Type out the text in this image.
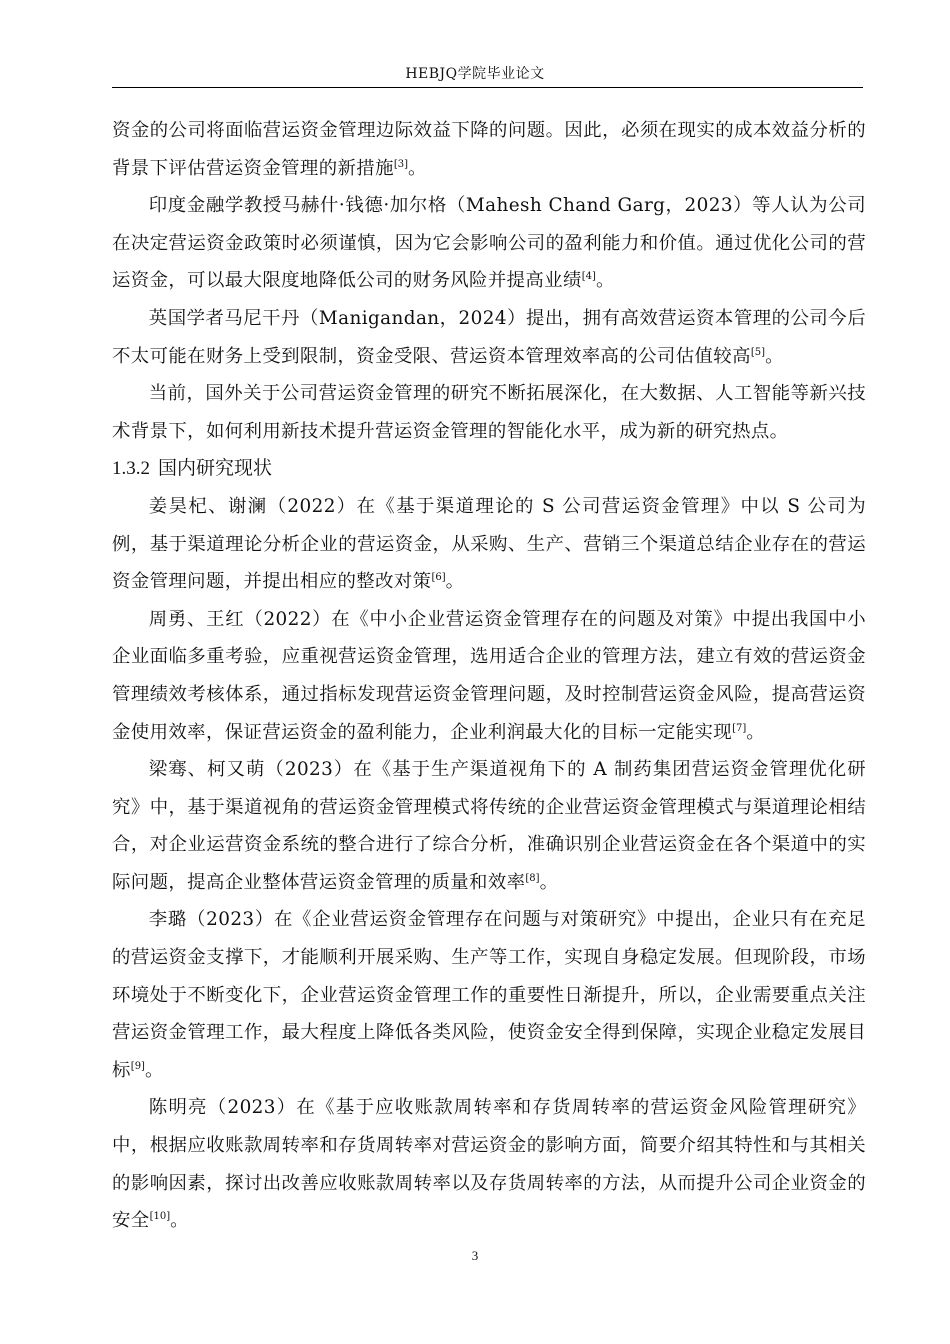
HEBJQ学院毕业论文

资金的公司将面临营运资金管理边际效益下降的问题。因此，必须在现实的成本效益分析的背景下评估营运资金管理的新措施[3]。

印度金融学教授马赫什·钱德·加尔格（Mahesh Chand Garg，2023）等人认为公司在决定营运资金政策时必须谨慎，因为它会影响公司的盈利能力和价值。通过优化公司的营运资金，可以最大限度地降低公司的财务风险并提高业绩[4]。

英国学者马尼干丹（Manigandan，2024）提出，拥有高效营运资本管理的公司今后不太可能在财务上受到限制，资金受限、营运资本管理效率高的公司估值较高[5]。

当前，国外关于公司营运资金管理的研究不断拓展深化，在大数据、人工智能等新兴技术背景下，如何利用新技术提升营运资金管理的智能化水平，成为新的研究热点。

1.3.2 国内研究现状

姜昊杞、谢澜（2022）在《基于渠道理论的 S 公司营运资金管理》中以 S 公司为例，基于渠道理论分析企业的营运资金，从采购、生产、营销三个渠道总结企业存在的营运资金管理问题，并提出相应的整改对策[6]。

周勇、王红（2022）在《中小企业营运资金管理存在的问题及对策》中提出我国中小企业面临多重考验，应重视营运资金管理，选用适合企业的管理方法，建立有效的营运资金管理绩效考核体系，通过指标发现营运资金管理问题，及时控制营运资金风险，提高营运资金使用效率，保证营运资金的盈利能力，企业利润最大化的目标一定能实现[7]。

梁骞、柯又萌（2023）在《基于生产渠道视角下的 A 制药集团营运资金管理优化研究》中，基于渠道视角的营运资金管理模式将传统的企业营运资金管理模式与渠道理论相结合，对企业运营资金系统的整合进行了综合分析，准确识别企业营运资金在各个渠道中的实际问题，提高企业整体营运资金管理的质量和效率[8]。

李璐（2023）在《企业营运资金管理存在问题与对策研究》中提出，企业只有在充足的营运资金支撑下，才能顺利开展采购、生产等工作，实现自身稳定发展。但现阶段，市场环境处于不断变化下，企业营运资金管理工作的重要性日渐提升，所以，企业需要重点关注营运资金管理工作，最大程度上降低各类风险，使资金安全得到保障，实现企业稳定发展目标[9]。

陈明亮（2023）在《基于应收账款周转率和存货周转率的营运资金风险管理研究》中，根据应收账款周转率和存货周转率对营运资金的影响方面，简要介绍其特性和与其相关的影响因素，探讨出改善应收账款周转率以及存货周转率的方法，从而提升公司企业资金的安全[10]。

3
